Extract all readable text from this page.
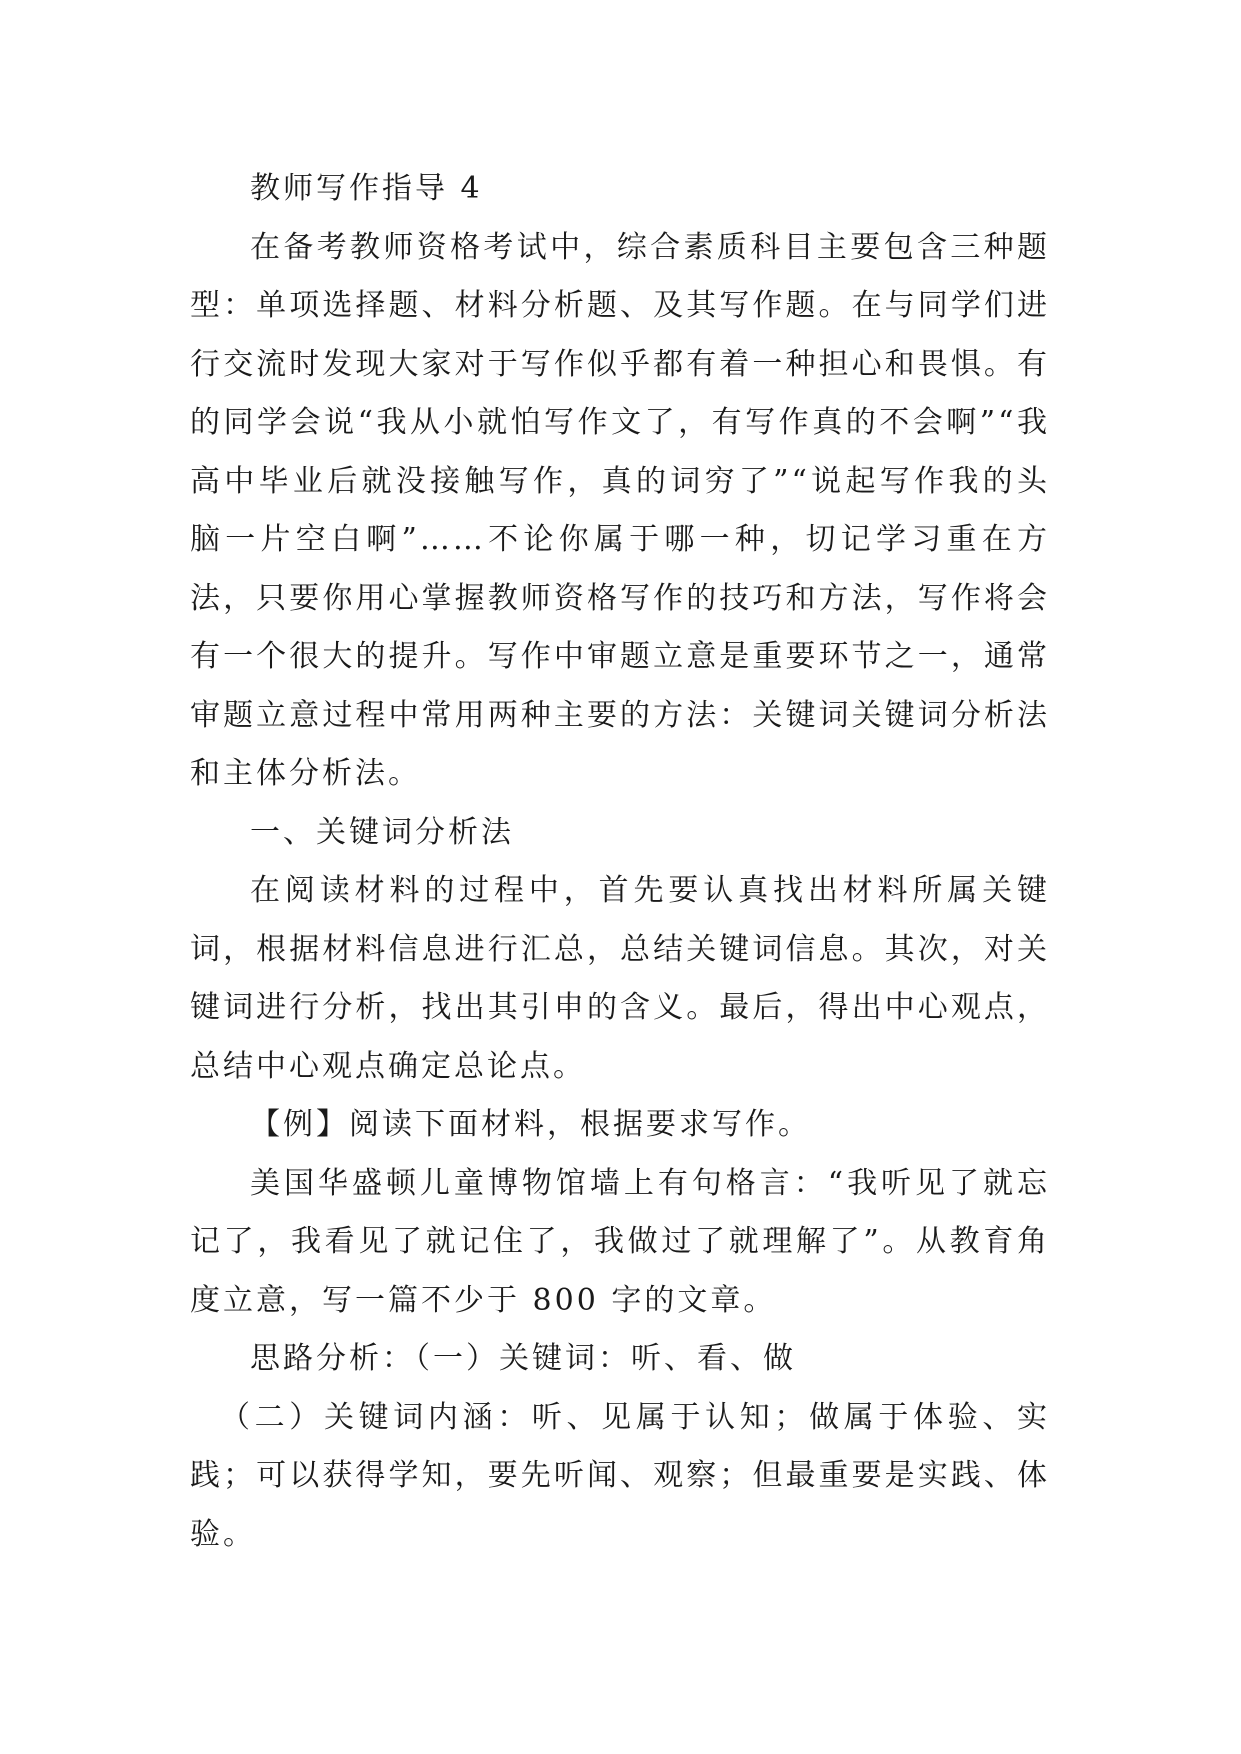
教师写作指导 4

在备考教师资格考试中，综合素质科目主要包含三种题型：单项选择题、材料分析题、及其写作题。在与同学们进行交流时发现大家对于写作似乎都有着一种担心和畏惧。有的同学会说“我从小就怕写作文了，有写作真的不会啊”“我高中毕业后就没接触写作，真的词穷了”“说起写作我的头脑一片空白啊”……不论你属于哪一种，切记学习重在方法，只要你用心掌握教师资格写作的技巧和方法，写作将会有一个很大的提升。写作中审题立意是重要环节之一，通常审题立意过程中常用两种主要的方法：关键词关键词分析法和主体分析法。

一、关键词分析法

在阅读材料的过程中，首先要认真找出材料所属关键词，根据材料信息进行汇总，总结关键词信息。其次，对关键词进行分析，找出其引申的含义。最后，得出中心观点，总结中心观点确定总论点。

【例】阅读下面材料，根据要求写作。

美国华盛顿儿童博物馆墙上有句格言：“我听见了就忘记了，我看见了就记住了，我做过了就理解了”。从教育角度立意，写一篇不少于 800 字的文章。

思路分析：（一）关键词：听、看、做

（二）关键词内涵：听、见属于认知；做属于体验、实践；可以获得学知，要先听闻、观察；但最重要是实践、体验。
